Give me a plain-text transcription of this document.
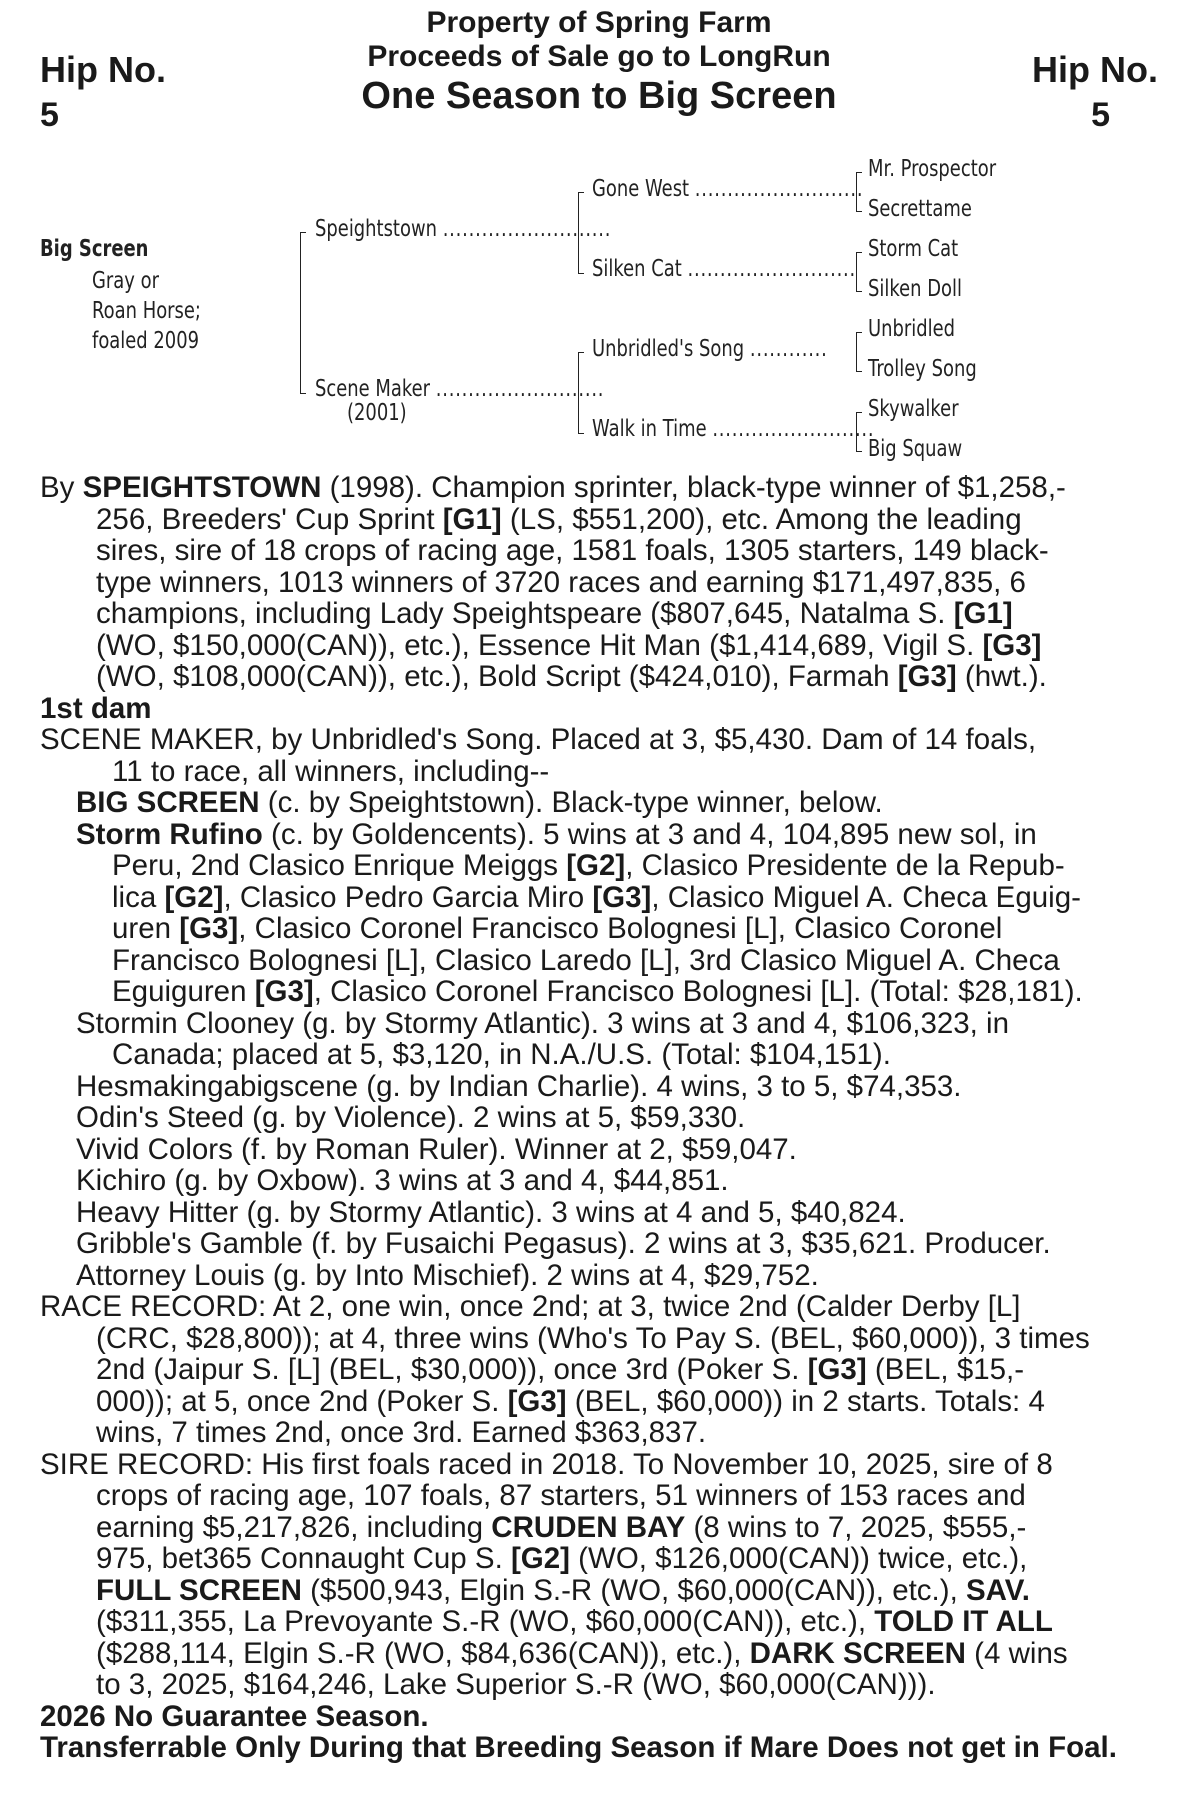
Property of Spring Farm
Proceeds of Sale go to LongRun
One Season to Big Screen
Hip No.
5
Hip No.
5
Big Screen
Gray or
Roan Horse;
foaled 2009
Speightstown ..........................
Scene Maker ..........................
(2001)
Gone West ..........................
Silken Cat ..........................
Unbridled's Song ............
Walk in Time .........................
Mr. Prospector
Secrettame
Storm Cat
Silken Doll
Unbridled
Trolley Song
Skywalker
Big Squaw
By SPEIGHTSTOWN (1998). Champion sprinter, black-type winner of $1,258,-
256, Breeders' Cup Sprint [G1] (LS, $551,200), etc. Among the leading
sires, sire of 18 crops of racing age, 1581 foals, 1305 starters, 149 black-
type winners, 1013 winners of 3720 races and earning $171,497,835, 6
champions, including Lady Speightspeare ($807,645, Natalma S. [G1]
(WO, $150,000(CAN)), etc.), Essence Hit Man ($1,414,689, Vigil S. [G3]
(WO, $108,000(CAN)), etc.), Bold Script ($424,010), Farmah [G3] (hwt.).
1st dam
SCENE MAKER, by Unbridled's Song. Placed at 3, $5,430. Dam of 14 foals,
11 to race, all winners, including--
BIG SCREEN (c. by Speightstown). Black-type winner, below.
Storm Rufino (c. by Goldencents). 5 wins at 3 and 4, 104,895 new sol, in
Peru, 2nd Clasico Enrique Meiggs [G2], Clasico Presidente de la Repub-
lica [G2], Clasico Pedro Garcia Miro [G3], Clasico Miguel A. Checa Eguig-
uren [G3], Clasico Coronel Francisco Bolognesi [L], Clasico Coronel
Francisco Bolognesi [L], Clasico Laredo [L], 3rd Clasico Miguel A. Checa
Eguiguren [G3], Clasico Coronel Francisco Bolognesi [L]. (Total: $28,181).
Stormin Clooney (g. by Stormy Atlantic). 3 wins at 3 and 4, $106,323, in
Canada; placed at 5, $3,120, in N.A./U.S. (Total: $104,151).
Hesmakingabigscene (g. by Indian Charlie). 4 wins, 3 to 5, $74,353.
Odin's Steed (g. by Violence). 2 wins at 5, $59,330.
Vivid Colors (f. by Roman Ruler). Winner at 2, $59,047.
Kichiro (g. by Oxbow). 3 wins at 3 and 4, $44,851.
Heavy Hitter (g. by Stormy Atlantic). 3 wins at 4 and 5, $40,824.
Gribble's Gamble (f. by Fusaichi Pegasus). 2 wins at 3, $35,621. Producer.
Attorney Louis (g. by Into Mischief). 2 wins at 4, $29,752.
RACE RECORD: At 2, one win, once 2nd; at 3, twice 2nd (Calder Derby [L]
(CRC, $28,800)); at 4, three wins (Who's To Pay S. (BEL, $60,000)), 3 times
2nd (Jaipur S. [L] (BEL, $30,000)), once 3rd (Poker S. [G3] (BEL, $15,-
000)); at 5, once 2nd (Poker S. [G3] (BEL, $60,000)) in 2 starts. Totals: 4
wins, 7 times 2nd, once 3rd. Earned $363,837.
SIRE RECORD: His first foals raced in 2018. To November 10, 2025, sire of 8
crops of racing age, 107 foals, 87 starters, 51 winners of 153 races and
earning $5,217,826, including CRUDEN BAY (8 wins to 7, 2025, $555,-
975, bet365 Connaught Cup S. [G2] (WO, $126,000(CAN)) twice, etc.),
FULL SCREEN ($500,943, Elgin S.-R (WO, $60,000(CAN)), etc.), SAV.
($311,355, La Prevoyante S.-R (WO, $60,000(CAN)), etc.), TOLD IT ALL
($288,114, Elgin S.-R (WO, $84,636(CAN)), etc.), DARK SCREEN (4 wins
to 3, 2025, $164,246, Lake Superior S.-R (WO, $60,000(CAN))).
2026 No Guarantee Season.
Transferrable Only During that Breeding Season if Mare Does not get in Foal.
